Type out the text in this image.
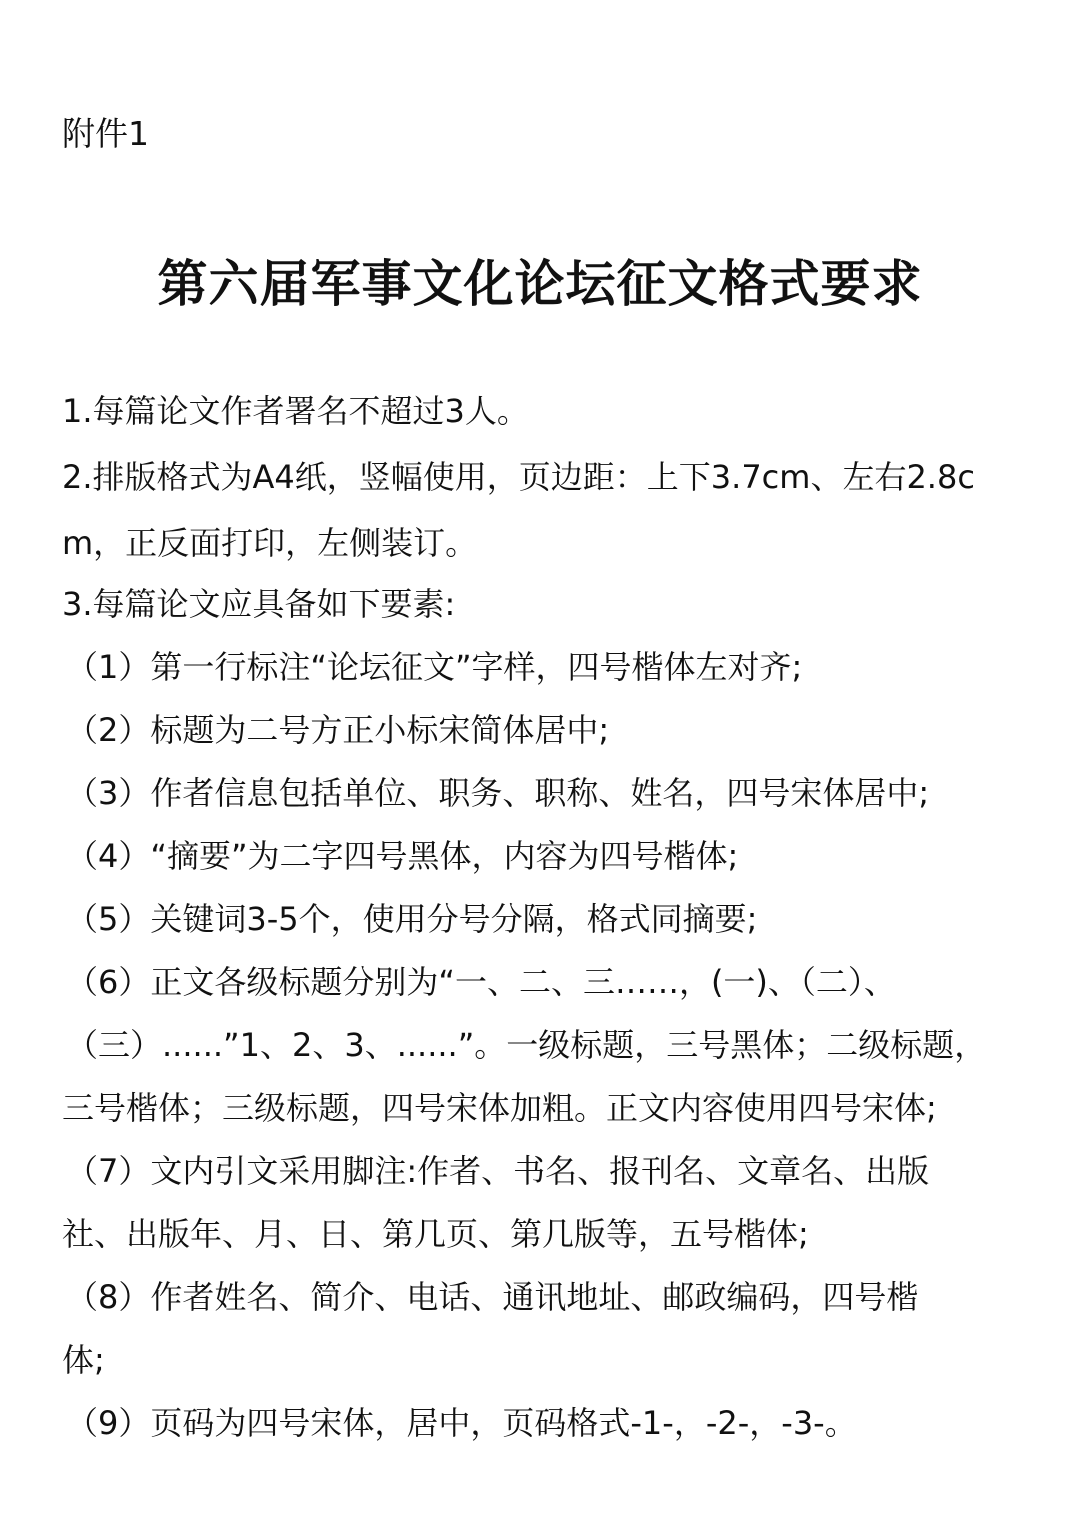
附件1
第六届军事文化论坛征文格式要求
1.每篇论文作者署名不超过3人。
2.排版格式为A4纸，竖幅使用，页边距：上下3.7cm、左右2.8c
m，正反面打印，左侧装订。
3.每篇论文应具备如下要素:
（1）第一行标注“论坛征文”字样，四号楷体左对齐;
（2）标题为二号方正小标宋简体居中;
（3）作者信息包括单位、职务、职称、姓名，四号宋体居中;
（4）“摘要”为二字四号黑体，内容为四号楷体;
（5）关键词3-5个，使用分号分隔，格式同摘要;
（6）正文各级标题分别为“一、二、三……，(一)、（二）、
（三）......”1、2、3、......”。一级标题，三号黑体；二级标题，
三号楷体；三级标题，四号宋体加粗。正文内容使用四号宋体;
（7）文内引文采用脚注:作者、书名、报刊名、文章名、出版
社、出版年、月、日、第几页、第几版等，五号楷体;
（8）作者姓名、简介、电话、通讯地址、邮政编码，四号楷
体;
（9）页码为四号宋体，居中，页码格式-1-，-2-，-3-。
